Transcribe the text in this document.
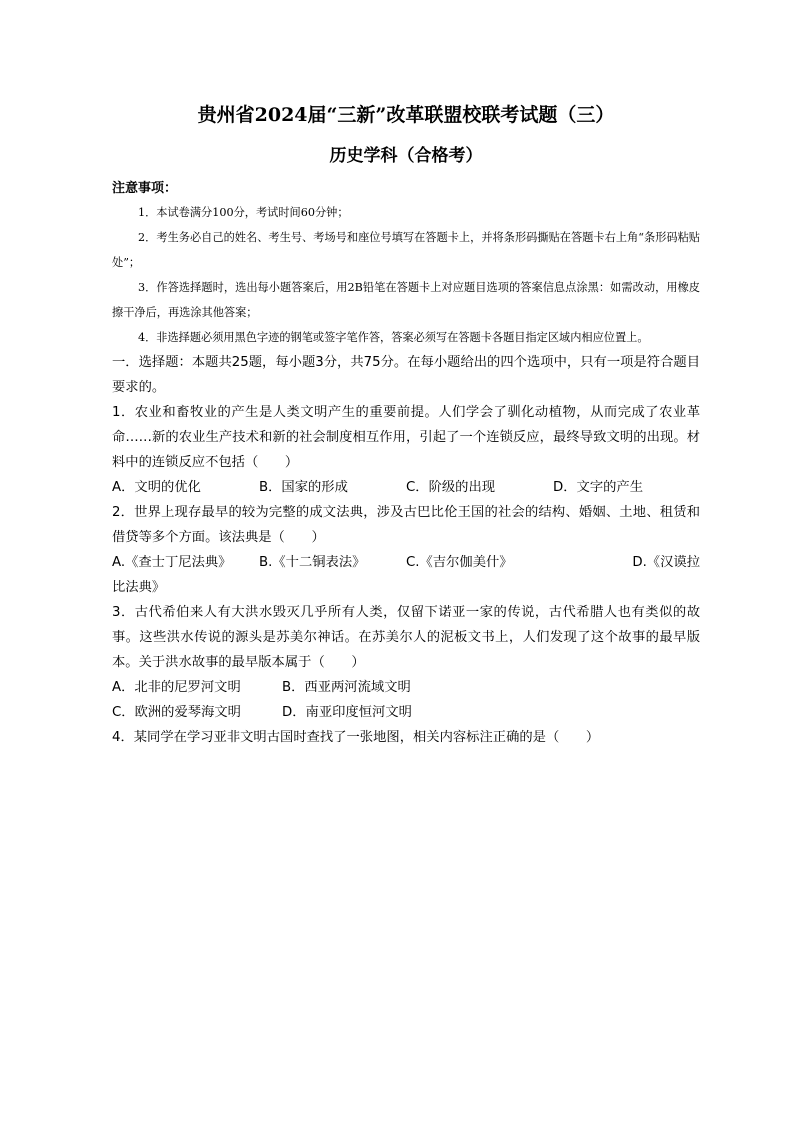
贵州省2024届“三新”改革联盟校联考试题（三）
历史学科（合格考）

注意事项：

1．本试卷满分100分，考试时间60分钟；

2．考生务必自己的姓名、考生号、考场号和座位号填写在答题卡上，并将条形码撕贴在答题卡右上角“条形码粘贴处”；

3．作答选择题时，选出每小题答案后，用2B铅笔在答题卡上对应题目选项的答案信息点涂黑：如需改动，用橡皮擦干净后，再选涂其他答案；

4．非选择题必须用黑色字迹的钢笔或签字笔作答，答案必须写在答题卡各题目指定区域内相应位置上。

一．选择题：本题共25题，每小题3分，共75分。在每小题给出的四个选项中，只有一项是符合题目要求的。

1．农业和畜牧业的产生是人类文明产生的重要前提。人们学会了驯化动植物，从而完成了农业革命……新的农业生产技术和新的社会制度相互作用，引起了一个连锁反应，最终导致文明的出现。材料中的连锁反应不包括（　　）

A．文明的优化	B．国家的形成	C．阶级的出现	D．文字的产生

2．世界上现存最早的较为完整的成文法典，涉及古巴比伦王国的社会的结构、婚姻、土地、租赁和借贷等多个方面。该法典是（　　）

A.《查士丁尼法典》	B.《十二铜表法》	C.《吉尔伽美什》	D.《汉谟拉

比法典》

3．古代希伯来人有大洪水毁灭几乎所有人类，仅留下诺亚一家的传说，古代希腊人也有类似的故事。这些洪水传说的源头是苏美尔神话。在苏美尔人的泥板文书上，人们发现了这个故事的最早版本。关于洪水故事的最早版本属于（　　）

A．北非的尼罗河文明	B．西亚两河流域文明
C．欧洲的爱琴海文明	D．南亚印度恒河文明

4．某同学在学习亚非文明古国时查找了一张地图，相关内容标注正确的是（　　）
